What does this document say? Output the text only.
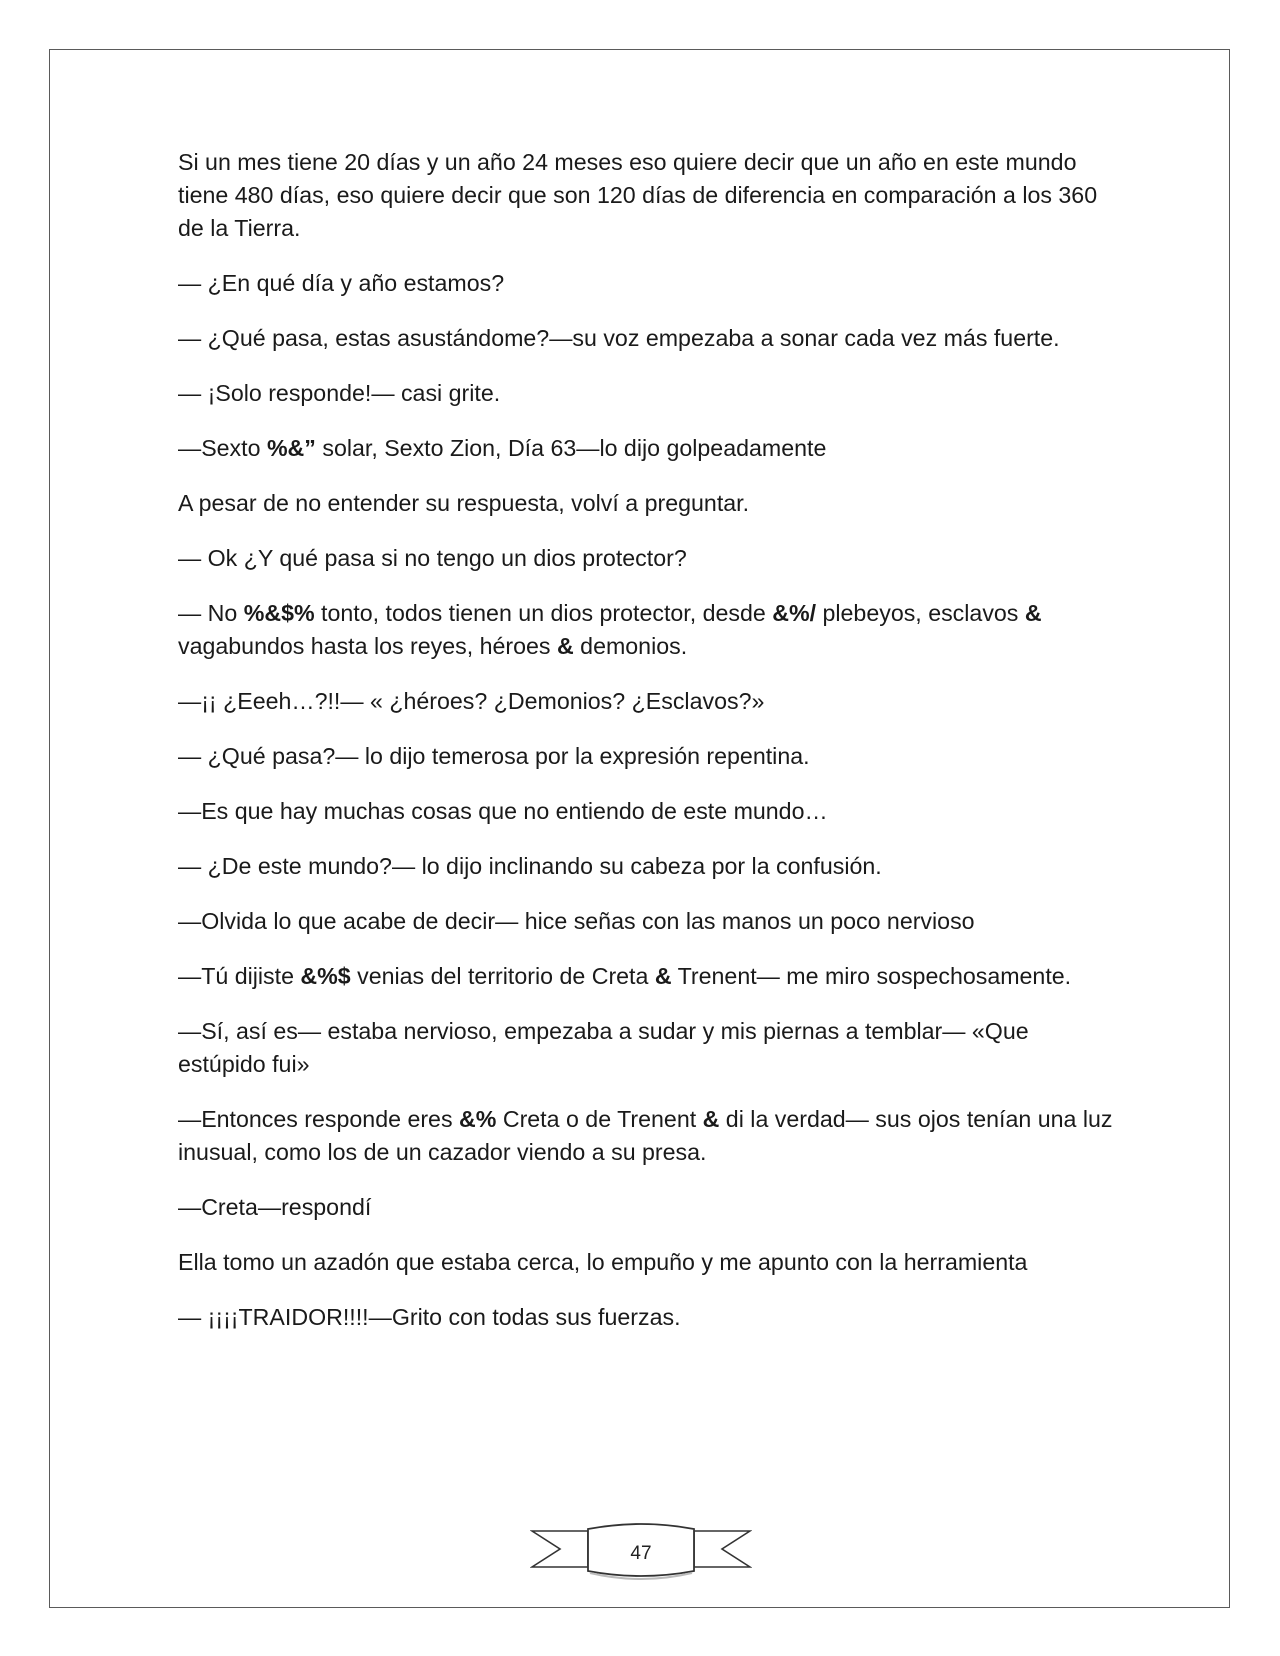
Si un mes tiene 20 días y un año 24 meses eso quiere decir que un año en este mundo tiene 480 días, eso quiere decir que son 120 días de diferencia en comparación a los 360 de la Tierra.

— ¿En qué día y año estamos?

— ¿Qué pasa, estas asustándome?—su voz empezaba a sonar cada vez más fuerte.

— ¡Solo responde!— casi grite.

—Sexto %&” solar, Sexto Zion, Día 63—lo dijo golpeadamente

A pesar de no entender su respuesta, volví a preguntar.

— Ok ¿Y qué pasa si no tengo un dios protector?

— No %&$% tonto, todos tienen un dios protector, desde &%/ plebeyos, esclavos & vagabundos hasta los reyes, héroes & demonios.

—¡¡ ¿Eeeh…?!!— « ¿héroes? ¿Demonios? ¿Esclavos?»

— ¿Qué pasa?— lo dijo temerosa por la expresión repentina.

—Es que hay muchas cosas que no entiendo de este mundo…

— ¿De este mundo?— lo dijo inclinando su cabeza por la confusión.

—Olvida lo que acabe de decir— hice señas con las manos un poco nervioso

—Tú dijiste &%$ venias del territorio de Creta & Trenent— me miro sospechosamente.

—Sí, así es— estaba nervioso, empezaba a sudar y mis piernas a temblar— «Que estúpido fui»

—Entonces responde eres &% Creta o de Trenent & di la verdad— sus ojos tenían una luz inusual, como los de un cazador viendo a su presa.

—Creta—respondí

Ella tomo un azadón que estaba cerca, lo empuño y me apunto con la herramienta

— ¡¡¡¡TRAIDOR!!!!—Grito con todas sus fuerzas.

47
